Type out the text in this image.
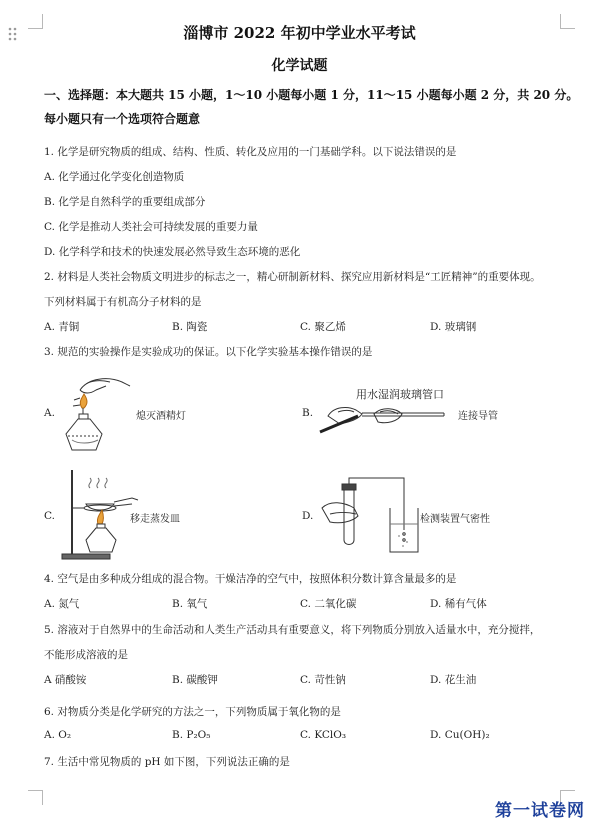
淄博市 2022 年初中学业水平考试
化学试题
一、选择题：本大题共 15 小题，1～10 小题每小题 1 分，11～15 小题每小题 2 分，共 20 分。
每小题只有一个选项符合题意
1. 化学是研究物质的组成、结构、性质、转化及应用的一门基础学科。以下说法错误的是
A. 化学通过化学变化创造物质
B. 化学是自然科学的重要组成部分
C. 化学是推动人类社会可持续发展的重要力量
D. 化学科学和技术的快速发展必然导致生态环境的恶化
2. 材料是人类社会物质文明进步的标志之一，精心研制新材料、探究应用新材料是“工匠精神”的重要体现。
下列材料属于有机高分子材料的是
A. 青铜	B. 陶瓷	C. 聚乙烯	D. 玻璃钢
3. 规范的实验操作是实验成功的保证。以下化学实验基本操作错误的是
A.	熄灭酒精灯	B.
用水湿润玻璃管口
连接导管
C.	移走蒸发皿	D.	检测装置气密性
4. 空气是由多种成分组成的混合物。干燥洁净的空气中，按照体积分数计算含量最多的是
A. 氮气	B. 氧气	C. 二氧化碳	D. 稀有气体
5. 溶液对于自然界中的生命活动和人类生产活动具有重要意义，将下列物质分别放入适量水中，充分搅拌，
不能形成溶液的是
A 硝酸铵	B. 碳酸钾	C. 苛性钠	D. 花生油
6. 对物质分类是化学研究的方法之一，下列物质属于氧化物的是
A. O₂	B. P₂O₅	C. KClO₃	D. Cu(OH)₂
7. 生活中常见物质的 pH 如下图，下列说法正确的是
第一试卷网
